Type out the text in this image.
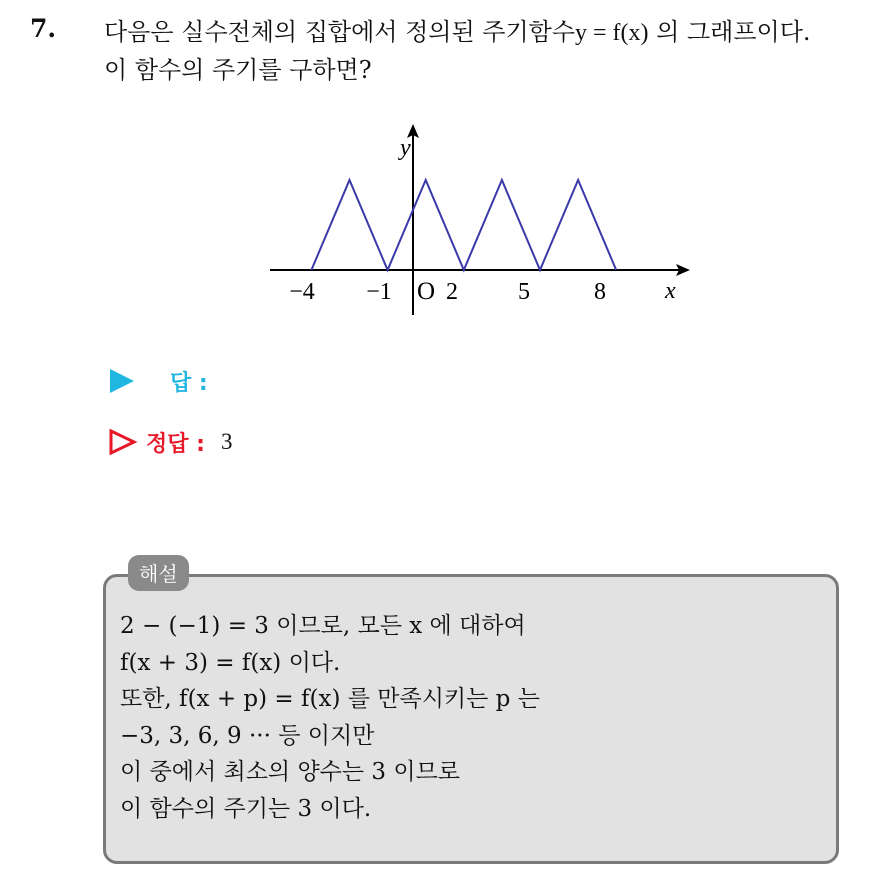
7. 다음은 실수전체의 집합에서 정의된 주기함수y = f(x) 의 그래프이다.
이 함수의 주기를 구하면?
y
x
O
−4 −1 2	5	8
답 :
정답 : 3
해설
2 − (−1) = 3 이므로, 모든 x 에 대하여
f(x + 3) = f(x) 이다.
또한, f(x + p) = f(x) 를 만족시키는 p 는
−3, 3, 6, 9 ··· 등 이지만
이 중에서 최소의 양수는 3 이므로
이 함수의 주기는 3 이다.
